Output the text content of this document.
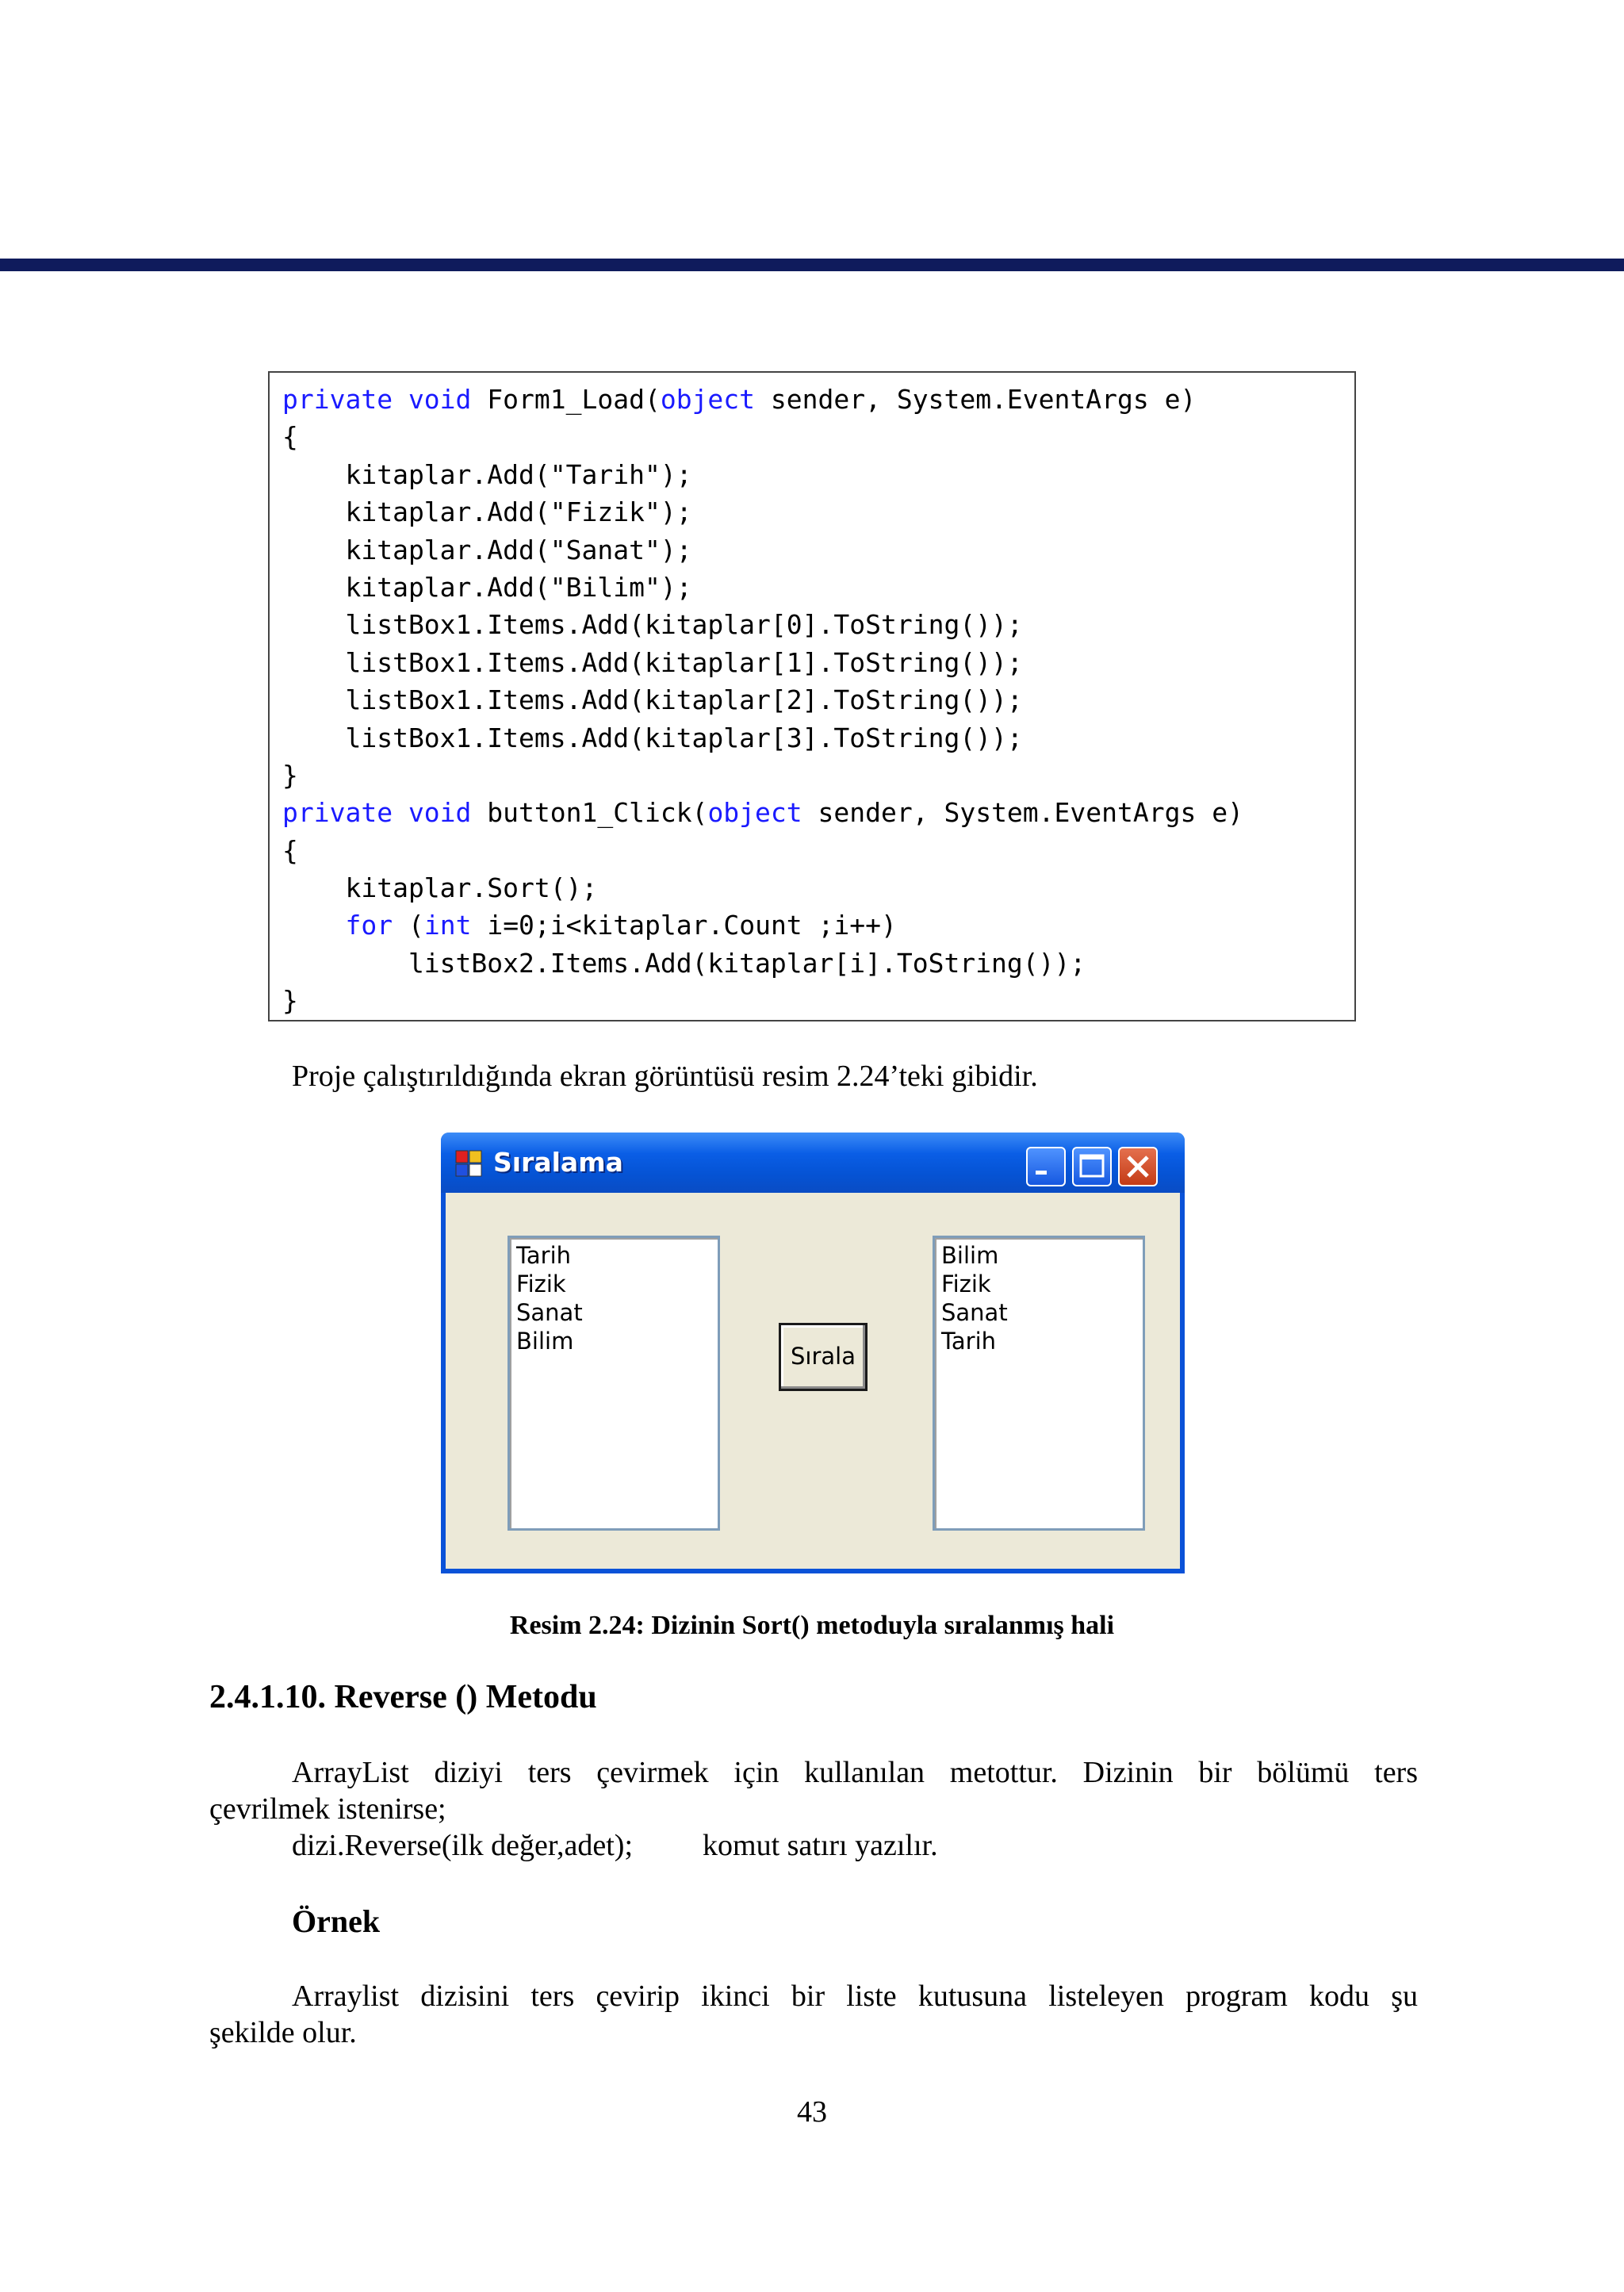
private void Form1_Load(object sender, System.EventArgs e)
{
kitaplar.Add("Tarih");
kitaplar.Add("Fizik");
kitaplar.Add("Sanat");
kitaplar.Add("Bilim");
listBox1.Items.Add(kitaplar[0].ToString());
listBox1.Items.Add(kitaplar[1].ToString());
listBox1.Items.Add(kitaplar[2].ToString());
listBox1.Items.Add(kitaplar[3].ToString());
}
private void button1_Click(object sender, System.EventArgs e)
{
kitaplar.Sort();
for (int i=0;i<kitaplar.Count ;i++)
listBox2.Items.Add(kitaplar[i].ToString());
}
Proje çalıştırıldığında ekran görüntüsü resim 2.24’teki gibidir.
Sıralama
Tarih
Fizik
Sanat
Bilim
Sırala
Bilim
Fizik
Sanat
Tarih
Resim 2.24: Dizinin Sort() metoduyla sıralanmış hali
2.4.1.10. Reverse () Metodu
ArrayList diziyi ters çevirmek için kullanılan metottur. Dizinin bir bölümü ters
çevrilmek istenirse;
dizi.Reverse(ilk değer,adet); komut satırı yazılır.
Örnek
Arraylist dizisini ters çevirip ikinci bir liste kutusuna listeleyen program kodu şu
şekilde olur.
43
